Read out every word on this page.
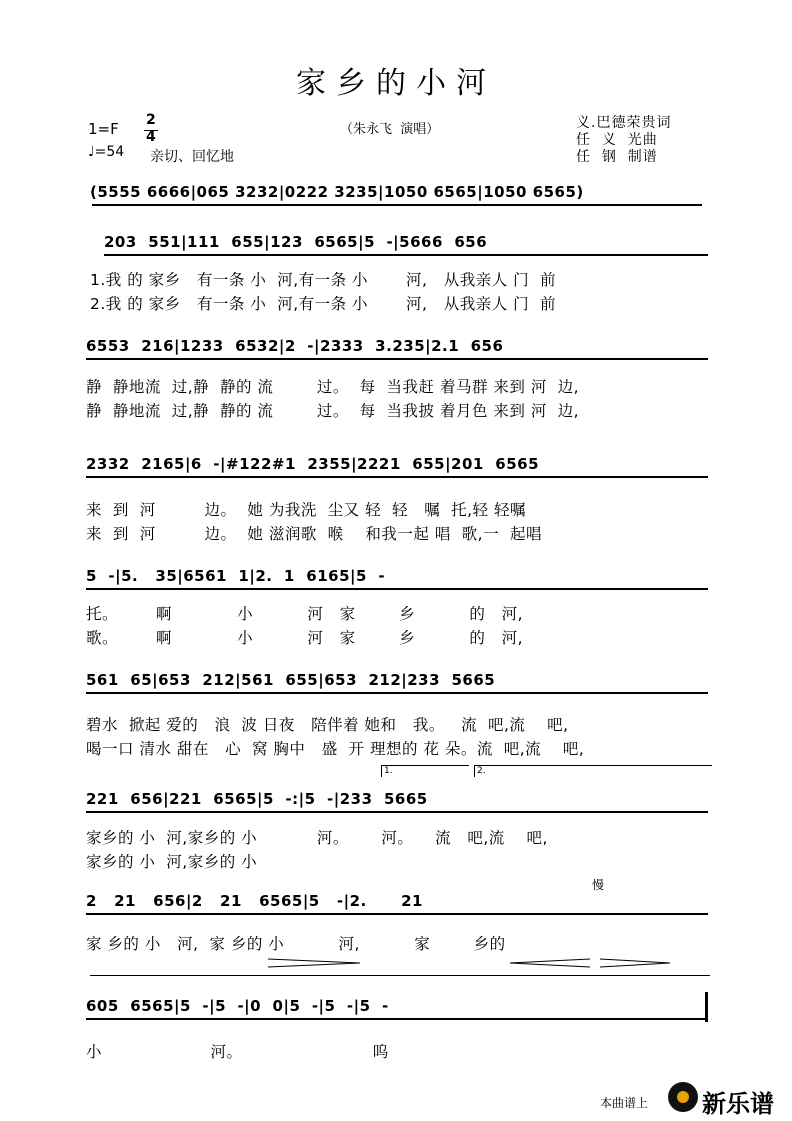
家乡的小河
1=F 2
4
♩=54 亲切、回忆地
（朱永飞  演唱）	义.巴德荣贵词
任  义  光曲
任  钢  制谱
(5555 6666|065 3232|0222 3235|1050 6565|1050 6565)
203  551|111  655|123  6565|5  -|5666  656
1.我 的 家乡   有一条 小  河,有一条 小       河,   从我亲人 门  前
2.我 的 家乡   有一条 小  河,有一条 小       河,   从我亲人 门  前
6553  216|1233  6532|2  -|2333  3.235|2.1  656
静  静地流  过,静  静的 流        过。  每  当我赶 着马群 来到 河  边,
静  静地流  过,静  静的 流        过。  每  当我披 着月色 来到 河  边,
2332  2165|6  -|#122#1  2355|2221  655|201  6565
来  到  河         边。  她 为我洗  尘又 轻  轻   嘱  托,轻 轻嘱
来  到  河         边。  她 滋润歌  喉    和我一起 唱  歌,一  起唱
5  -|5.   35|6561  1|2.  1  6165|5  -
托。       啊            小          河   家        乡          的   河,
歌。       啊            小          河   家        乡          的   河,
561  65|653  212|561  655|653  212|233  5665
碧水  掀起 爱的   浪  波 日夜   陪伴着 她和   我。   流  吧,流    吧,
喝一口 清水 甜在   心  窝 胸中   盛  开 理想的 花 朵。流  吧,流    吧,
1.	2.
221  656|221  6565|5  -:|5  -|233  5665
家乡的 小  河,家乡的 小           河。      河。    流   吧,流    吧,
家乡的 小  河,家乡的 小
慢
2   21   656|2   21   6565|5   -|2.      21
家 乡的 小   河,  家 乡的 小          河,          家        乡的
605  6565|5  -|5  -|0  0|5  -|5  -|5  -
小                    河。                        呜
本曲谱上 新乐谱
